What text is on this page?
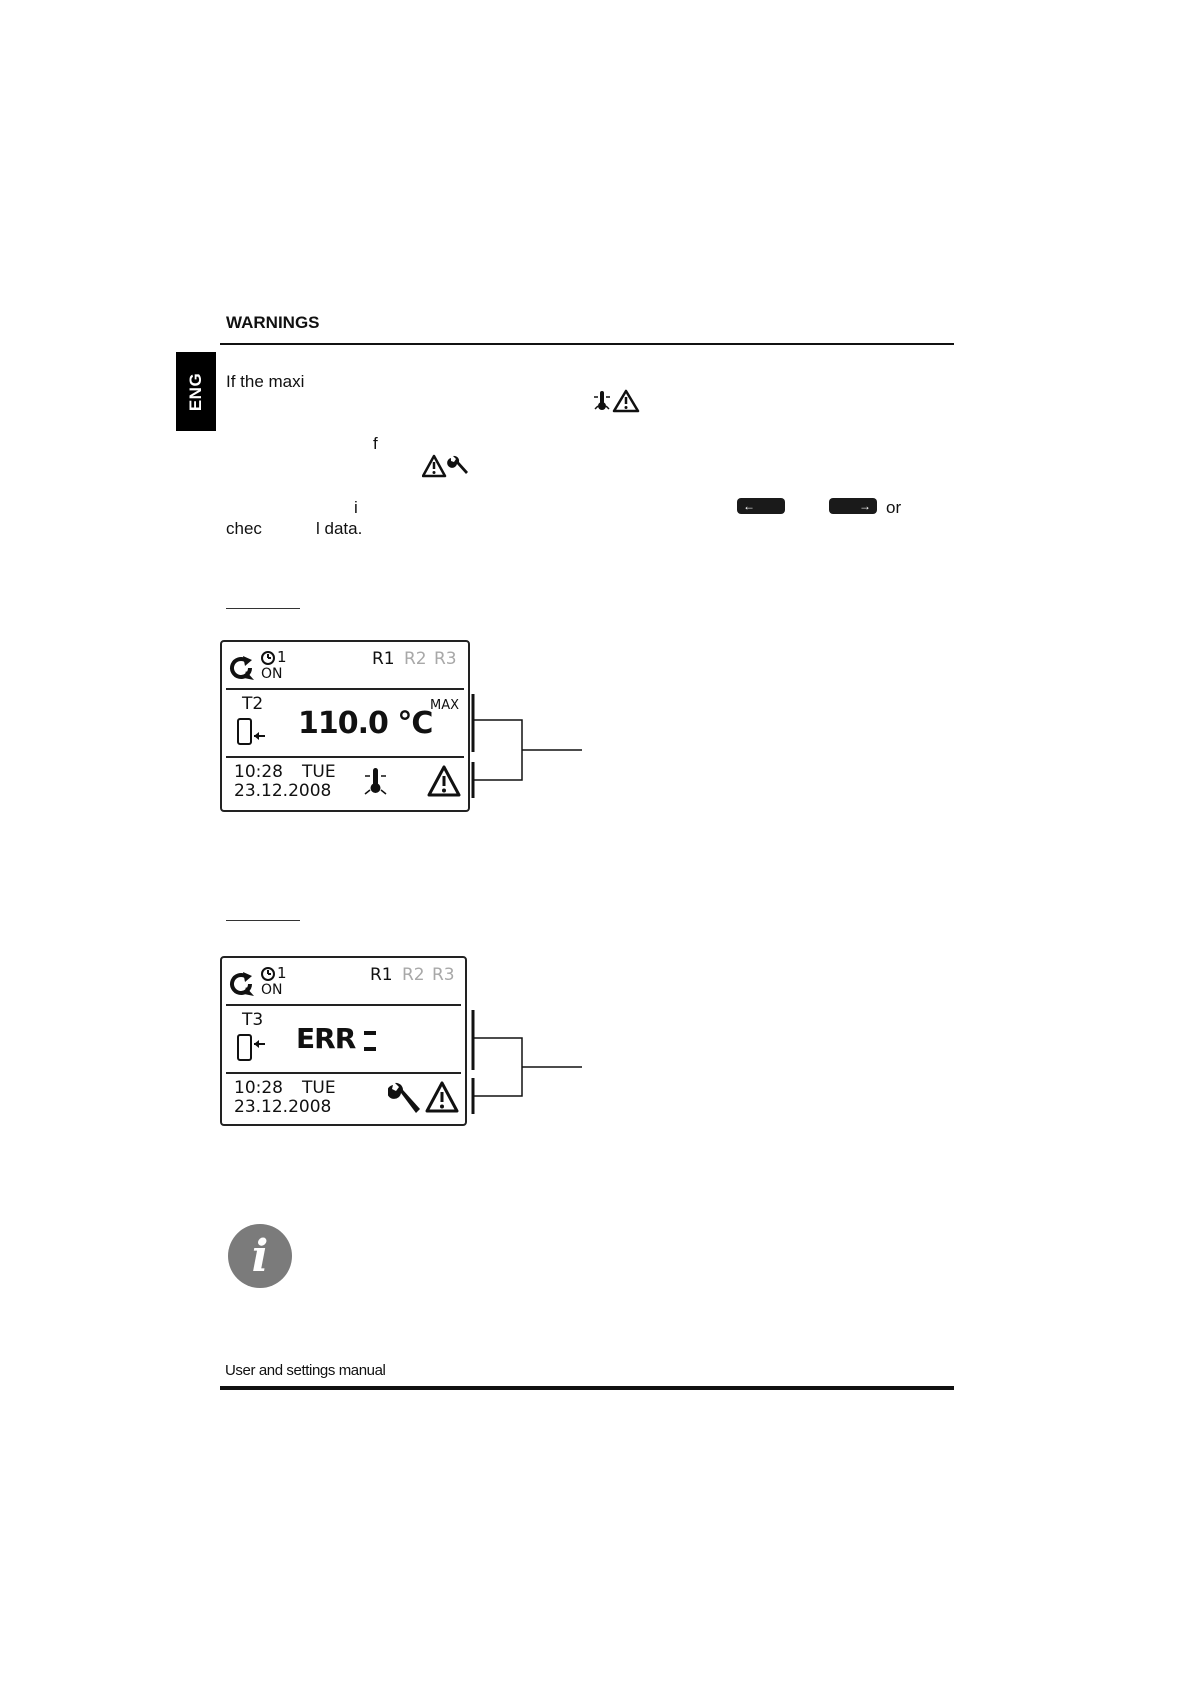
WARNINGS
ENG If the maxi
f
i	←	→ or
chec	l data.
1
ON
R1 R2 R3
T2
110.0 °C
MAX
10:28 TUE
23.12.2008
1
ON
R1 R2 R3
T3
ERR
10:28 TUE
23.12.2008
i
User and settings manual
